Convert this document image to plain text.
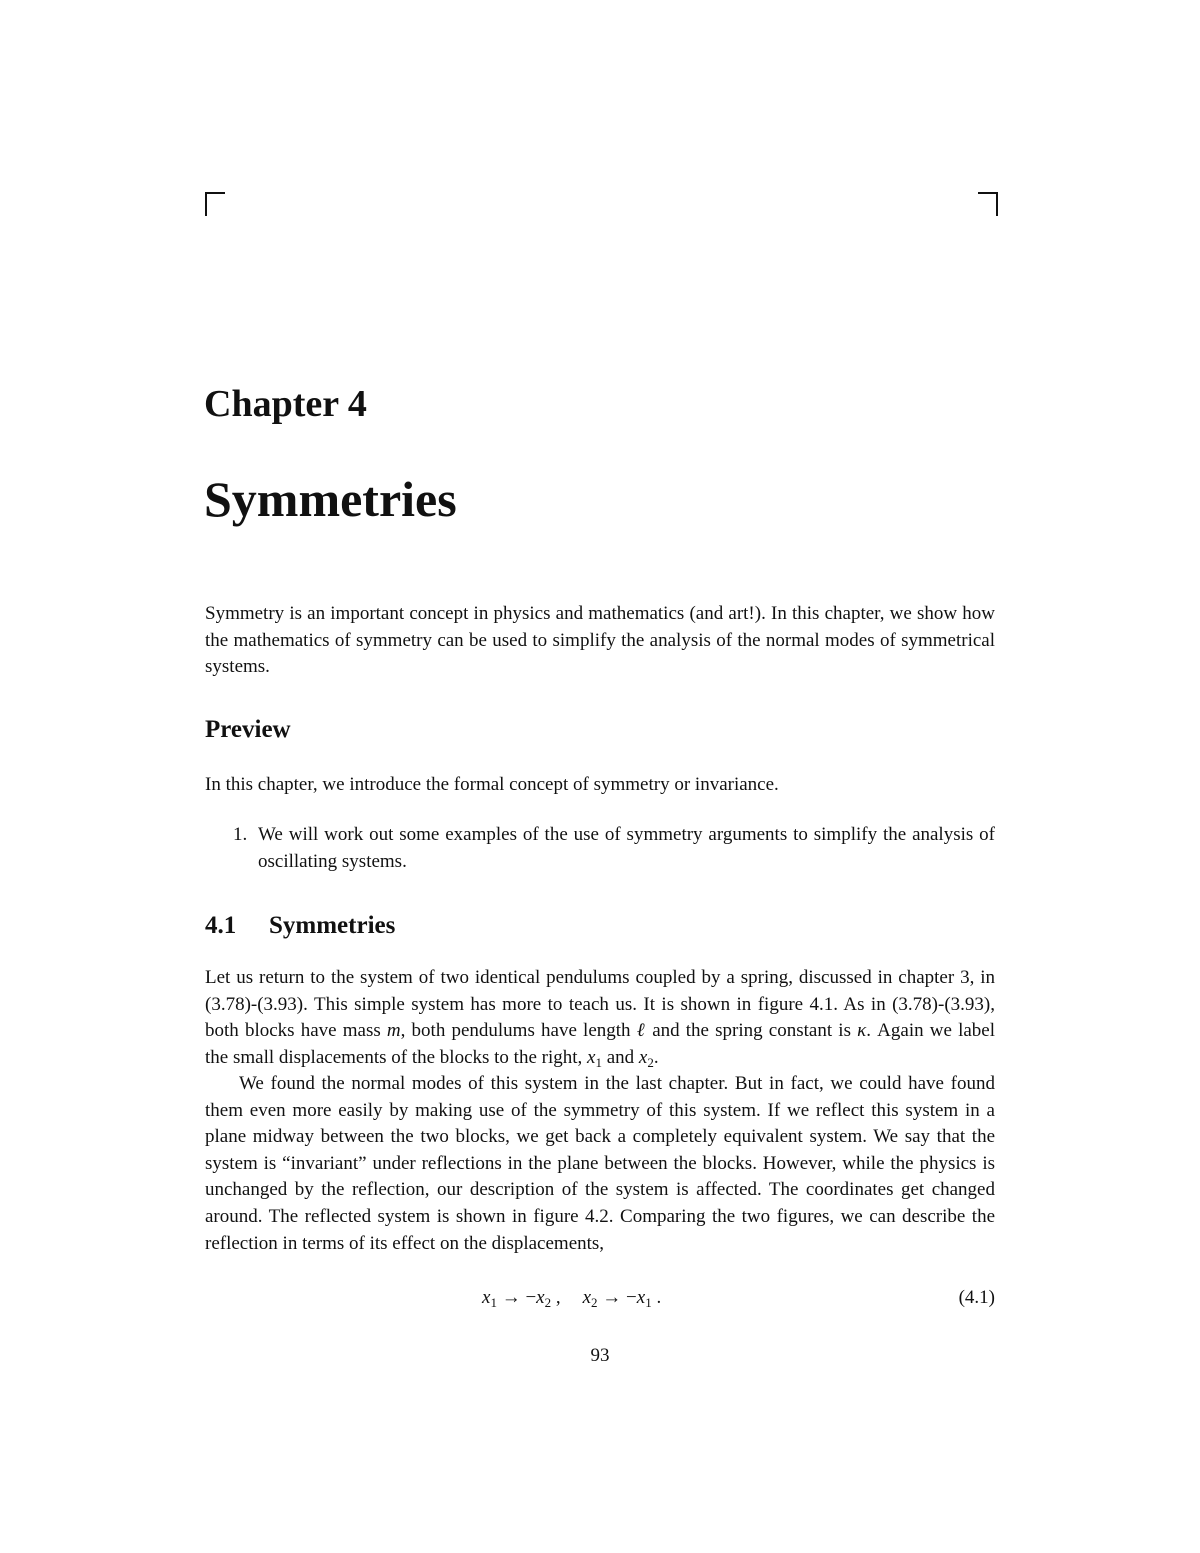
Chapter 4
Symmetries

Symmetry is an important concept in physics and mathematics (and art!). In this chapter, we show how the mathematics of symmetry can be used to simplify the analysis of the normal modes of symmetrical systems.

Preview

In this chapter, we introduce the formal concept of symmetry or invariance.

1. We will work out some examples of the use of symmetry arguments to simplify the analysis of oscillating systems.
4.1 Symmetries

Let us return to the system of two identical pendulums coupled by a spring, discussed in chapter 3, in (3.78)-(3.93). This simple system has more to teach us. It is shown in figure 4.1. As in (3.78)-(3.93), both blocks have mass m, both pendulums have length ℓ and the spring constant is κ. Again we label the small displacements of the blocks to the right, $x_1$ and $x_2$.

We found the normal modes of this system in the last chapter. But in fact, we could have found them even more easily by making use of the symmetry of this system. If we reflect this system in a plane midway between the two blocks, we get back a completely equivalent system. We say that the system is “invariant” under reflections in the plane between the blocks. However, while the physics is unchanged by the reflection, our description of the system is affected. The coordinates get changed around. The reflected system is shown in figure 4.2. Comparing the two figures, we can describe the reflection in terms of its effect on the displacements,

$x_1 \to -x_2$ , $x_2 \to -x_1$ .	(4.1)
93
